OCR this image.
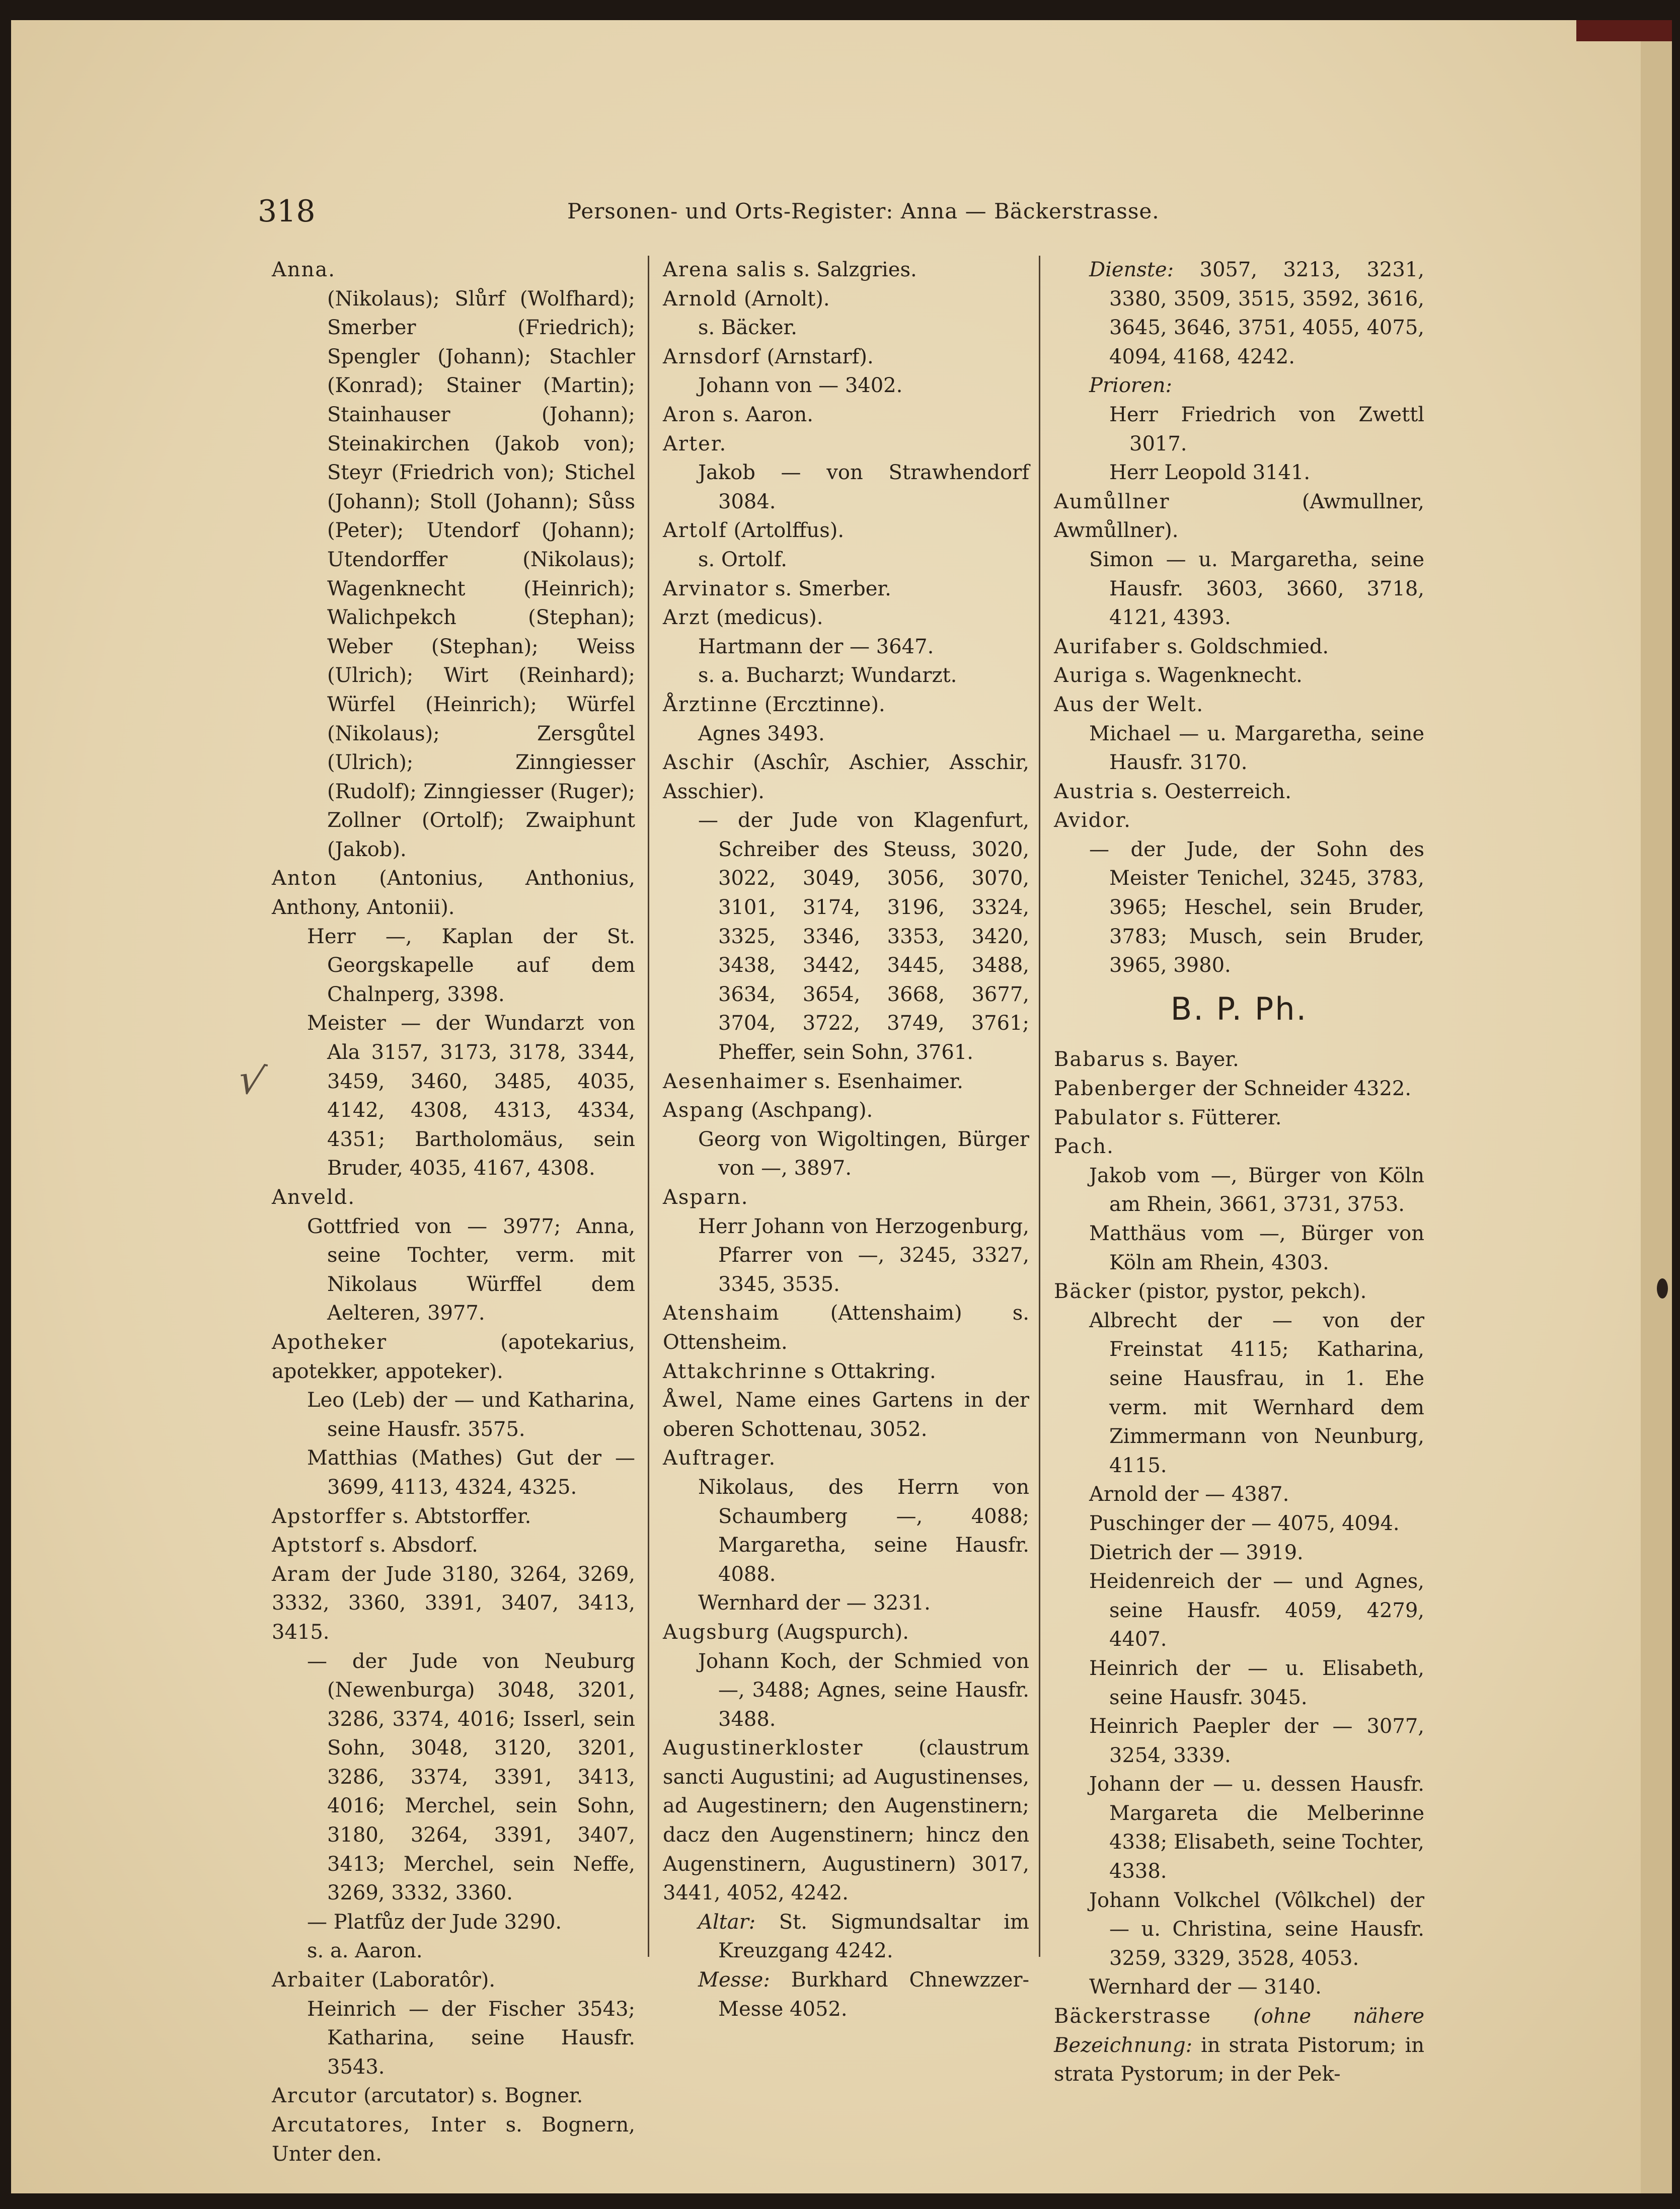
318	Personen- und Orts-Register: Anna — Bäckerstrasse.

Anna.

(Nikolaus); Slůrf (Wolfhard); Smerber (Friedrich); Spengler (Johann); Stachler (Konrad); Stainer (Martin); Stainhauser (Johann); Steinakirchen (Jakob von); Steyr (Friedrich von); Stichel (Johann); Stoll (Johann); Sůss (Peter); Utendorf (Johann); Utendorffer (Nikolaus); Wagenknecht (Heinrich); Walichpekch (Stephan); Weber (Stephan); Weiss (Ulrich); Wirt (Reinhard); Würfel (Heinrich); Würfel (Nikolaus); Zersgůtel (Ulrich); Zinngiesser (Rudolf); Zinngiesser (Ruger); Zollner (Ortolf); Zwaiphunt (Jakob).

Anton (Antonius, Anthonius, Anthony, Antonii).

Herr —, Kaplan der St. Georgskapelle auf dem Chalnperg, 3398.

Meister — der Wundarzt von Ala 3157, 3173, 3178, 3344, 3459, 3460, 3485, 4035, 4142, 4308, 4313, 4334, 4351; Bartholomäus, sein Bruder, 4035, 4167, 4308.

Anveld.

Gottfried von — 3977; Anna, seine Tochter, verm. mit Nikolaus Würffel dem Aelteren, 3977.

Apotheker (apotekarius, apotekker, appoteker).

Leo (Leb) der — und Katharina, seine Hausfr. 3575.

Matthias (Mathes) Gut der — 3699, 4113, 4324, 4325.

Apstorffer s. Abtstorffer.

Aptstorf s. Absdorf.

Aram der Jude 3180, 3264, 3269, 3332, 3360, 3391, 3407, 3413, 3415.

— der Jude von Neuburg (Newenburga) 3048, 3201, 3286, 3374, 4016; Isserl, sein Sohn, 3048, 3120, 3201, 3286, 3374, 3391, 3413, 4016; Merchel, sein Sohn, 3180, 3264, 3391, 3407, 3413; Merchel, sein Neffe, 3269, 3332, 3360.

— Platfůz der Jude 3290.

s. a. Aaron.

Arbaiter (Laboratôr).

Heinrich — der Fischer 3543; Katharina, seine Hausfr. 3543.

Arcutor (arcutator) s. Bogner.

Arcutatores, Inter s. Bognern, Unter den.

Arena salis s. Salzgries.

Arnold (Arnolt).

s. Bäcker.

Arnsdorf (Arnstarf).

Johann von — 3402.

Aron s. Aaron.

Arter.

Jakob — von Strawhendorf 3084.

Artolf (Artolffus).

s. Ortolf.

Arvinator s. Smerber.

Arzt (medicus).

Hartmann der — 3647.

s. a. Bucharzt; Wundarzt.

Årztinne (Ercztinne).

Agnes 3493.

Aschir (Aschîr, Aschier, Asschir, Asschier).

— der Jude von Klagenfurt, Schreiber des Steuss, 3020, 3022, 3049, 3056, 3070, 3101, 3174, 3196, 3324, 3325, 3346, 3353, 3420, 3438, 3442, 3445, 3488, 3634, 3654, 3668, 3677, 3704, 3722, 3749, 3761; Pheffer, sein Sohn, 3761.

Aesenhaimer s. Esenhaimer.

Aspang (Aschpang).

Georg von Wigoltingen, Bürger von —, 3897.

Asparn.

Herr Johann von Herzogenburg, Pfarrer von —, 3245, 3327, 3345, 3535.

Atenshaim (Attenshaim) s. Ottensheim.

Attakchrinne s Ottakring.

Åwel, Name eines Gartens in der oberen Schottenau, 3052.

Auftrager.

Nikolaus, des Herrn von Schaumberg —, 4088; Margaretha, seine Hausfr. 4088.

Wernhard der — 3231.

Augsburg (Augspurch).

Johann Koch, der Schmied von —, 3488; Agnes, seine Hausfr. 3488.

Augustinerkloster (claustrum sancti Augustini; ad Augustinenses, ad Augestinern; den Augenstinern; dacz den Augenstinern; hincz den Augenstinern, Augustinern) 3017, 3441, 4052, 4242.

Altar: St. Sigmundsaltar im Kreuzgang 4242.

Messe: Burkhard Chnewzzer-Messe 4052.

Dienste: 3057, 3213, 3231, 3380, 3509, 3515, 3592, 3616, 3645, 3646, 3751, 4055, 4075, 4094, 4168, 4242.

Prioren:

Herr Friedrich von Zwettl 3017.

Herr Leopold 3141.

Aumůllner (Awmullner, Awmůllner).

Simon — u. Margaretha, seine Hausfr. 3603, 3660, 3718, 4121, 4393.

Aurifaber s. Goldschmied.

Auriga s. Wagenknecht.

Aus der Welt.

Michael — u. Margaretha, seine Hausfr. 3170.

Austria s. Oesterreich.

Avidor.

— der Jude, der Sohn des Meister Tenichel, 3245, 3783, 3965; Heschel, sein Bruder, 3783; Musch, sein Bruder, 3965, 3980.

B. P. Ph.

Babarus s. Bayer.

Pabenberger der Schneider 4322.

Pabulator s. Fütterer.

Pach.

Jakob vom —, Bürger von Köln am Rhein, 3661, 3731, 3753.

Matthäus vom —, Bürger von Köln am Rhein, 4303.

Bäcker (pistor, pystor, pekch).

Albrecht der — von der Freinstat 4115; Katharina, seine Hausfrau, in 1. Ehe verm. mit Wernhard dem Zimmermann von Neunburg, 4115.

Arnold der — 4387.

Puschinger der — 4075, 4094.

Dietrich der — 3919.

Heidenreich der — und Agnes, seine Hausfr. 4059, 4279, 4407.

Heinrich der — u. Elisabeth, seine Hausfr. 3045.

Heinrich Paepler der — 3077, 3254, 3339.

Johann der — u. dessen Hausfr. Margareta die Melberinne 4338; Elisabeth, seine Tochter, 4338.

Johann Volkchel (Vôlkchel) der — u. Christina, seine Hausfr. 3259, 3329, 3528, 4053.

Wernhard der — 3140.

Bäckerstrasse (ohne nähere Bezeichnung: in strata Pistorum; in strata Pystorum; in der Pek-

√
